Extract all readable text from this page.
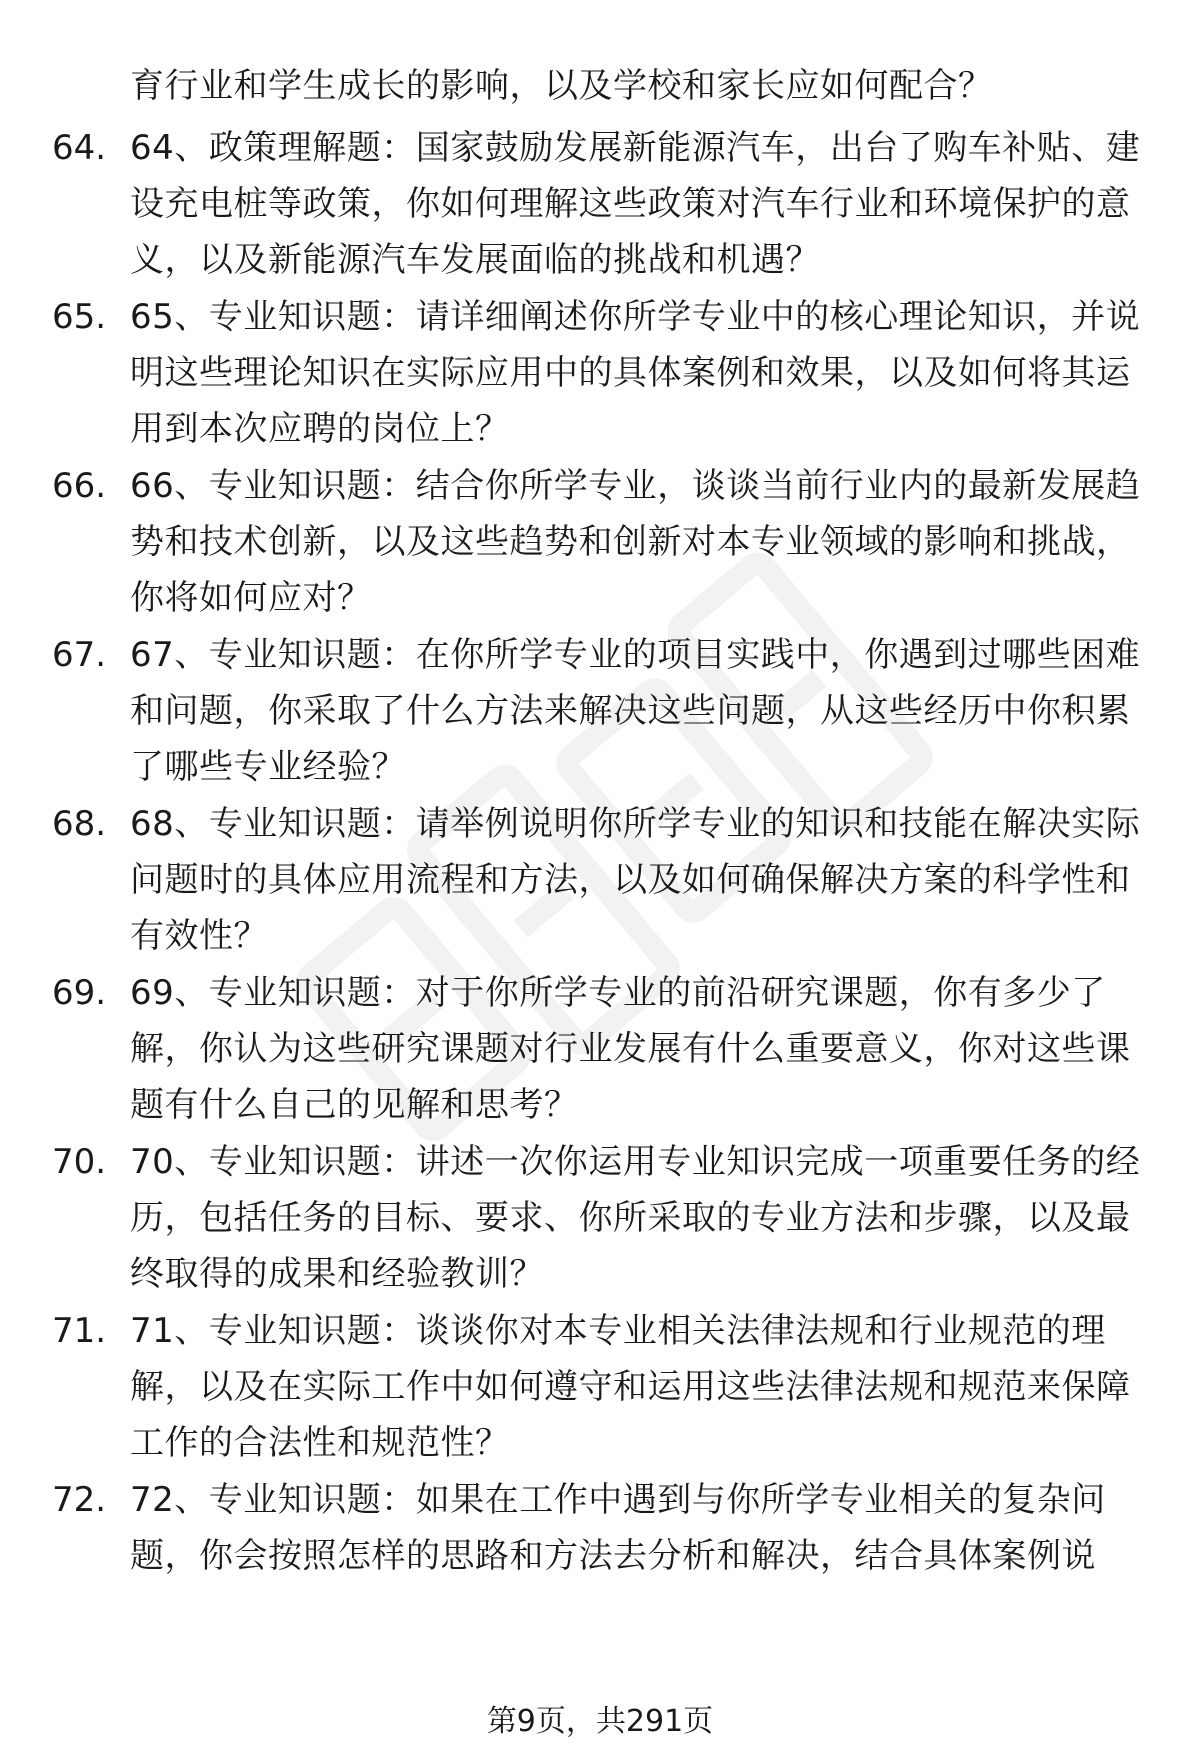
育行业和学生成长的影响，以及学校和家长应如何配合？
64. 64、政策理解题：国家鼓励发展新能源汽车，出台了购车补贴、建设充电桩等政策，你如何理解这些政策对汽车行业和环境保护的意义，以及新能源汽车发展面临的挑战和机遇？
65. 65、专业知识题：请详细阐述你所学专业中的核心理论知识，并说明这些理论知识在实际应用中的具体案例和效果，以及如何将其运用到本次应聘的岗位上？
66. 66、专业知识题：结合你所学专业，谈谈当前行业内的最新发展趋势和技术创新，以及这些趋势和创新对本专业领域的影响和挑战，你将如何应对？
67. 67、专业知识题：在你所学专业的项目实践中，你遇到过哪些困难和问题，你采取了什么方法来解决这些问题，从这些经历中你积累了哪些专业经验？
68. 68、专业知识题：请举例说明你所学专业的知识和技能在解决实际问题时的具体应用流程和方法，以及如何确保解决方案的科学性和有效性？
69. 69、专业知识题：对于你所学专业的前沿研究课题，你有多少了解，你认为这些研究课题对行业发展有什么重要意义，你对这些课题有什么自己的见解和思考？
70. 70、专业知识题：讲述一次你运用专业知识完成一项重要任务的经历，包括任务的目标、要求、你所采取的专业方法和步骤，以及最终取得的成果和经验教训？
71. 71、专业知识题：谈谈你对本专业相关法律法规和行业规范的理解，以及在实际工作中如何遵守和运用这些法律法规和规范来保障工作的合法性和规范性？
72. 72、专业知识题：如果在工作中遇到与你所学专业相关的复杂问题，你会按照怎样的思路和方法去分析和解决，结合具体案例说
第9页，共291页
